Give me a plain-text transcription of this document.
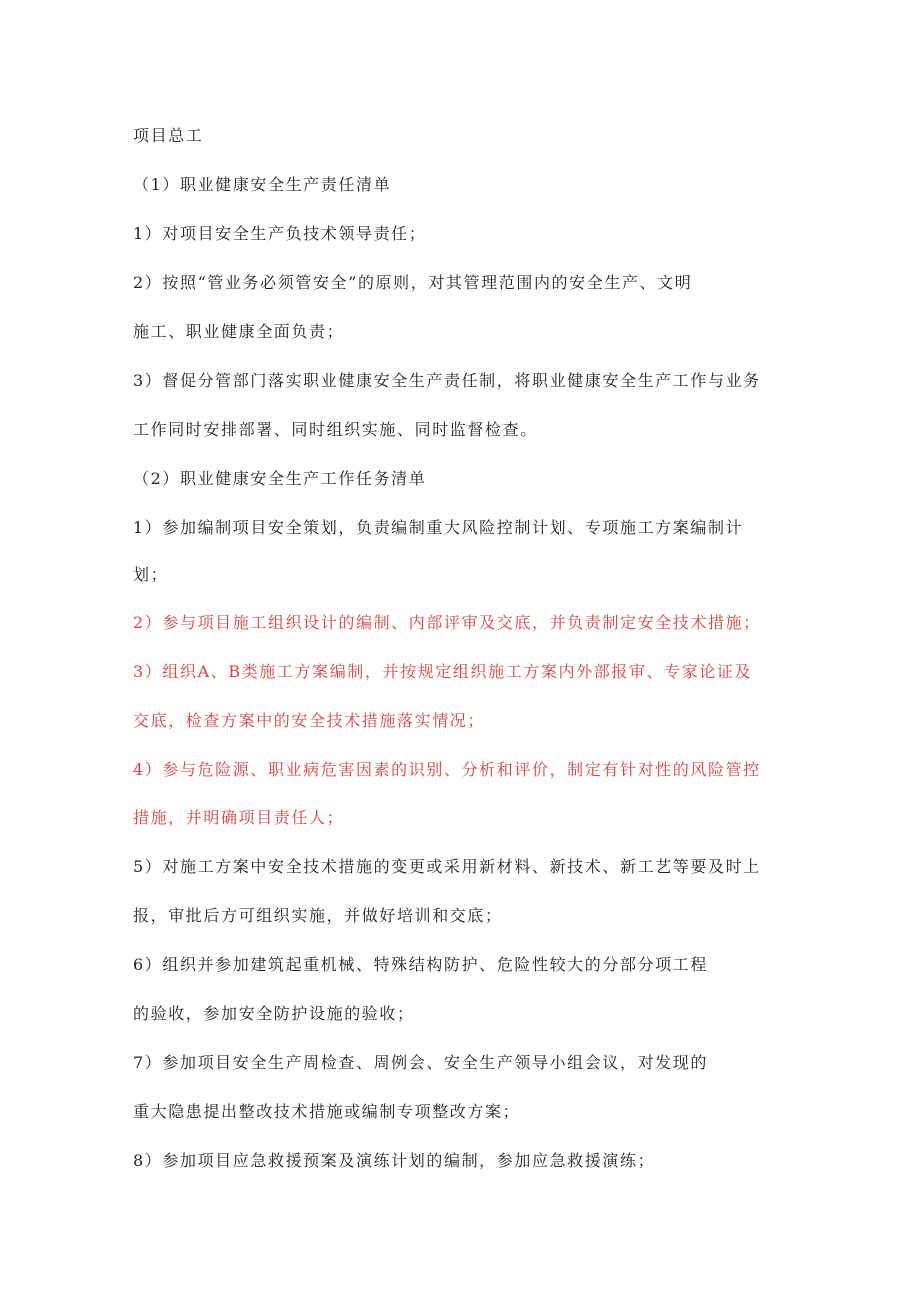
项目总工

（1）职业健康安全生产责任清单

1）对项目安全生产负技术领导责任；

2）按照“管业务必须管安全”的原则，对其管理范围内的安全生产、文明

施工、职业健康全面负责；

3）督促分管部门落实职业健康安全生产责任制，将职业健康安全生产工作与业务

工作同时安排部署、同时组织实施、同时监督检查。

（2）职业健康安全生产工作任务清单

1）参加编制项目安全策划，负责编制重大风险控制计划、专项施工方案编制计

划；

2）参与项目施工组织设计的编制、内部评审及交底，并负责制定安全技术措施；

3）组织A、B类施工方案编制，并按规定组织施工方案内外部报审、专家论证及

交底，检查方案中的安全技术措施落实情况；

4）参与危险源、职业病危害因素的识别、分析和评价，制定有针对性的风险管控

措施，并明确项目责任人；

5）对施工方案中安全技术措施的变更或采用新材料、新技术、新工艺等要及时上

报，审批后方可组织实施，并做好培训和交底；

6）组织并参加建筑起重机械、特殊结构防护、危险性较大的分部分项工程

的验收，参加安全防护设施的验收；

7）参加项目安全生产周检查、周例会、安全生产领导小组会议，对发现的

重大隐患提出整改技术措施或编制专项整改方案；

8）参加项目应急救援预案及演练计划的编制，参加应急救援演练；
